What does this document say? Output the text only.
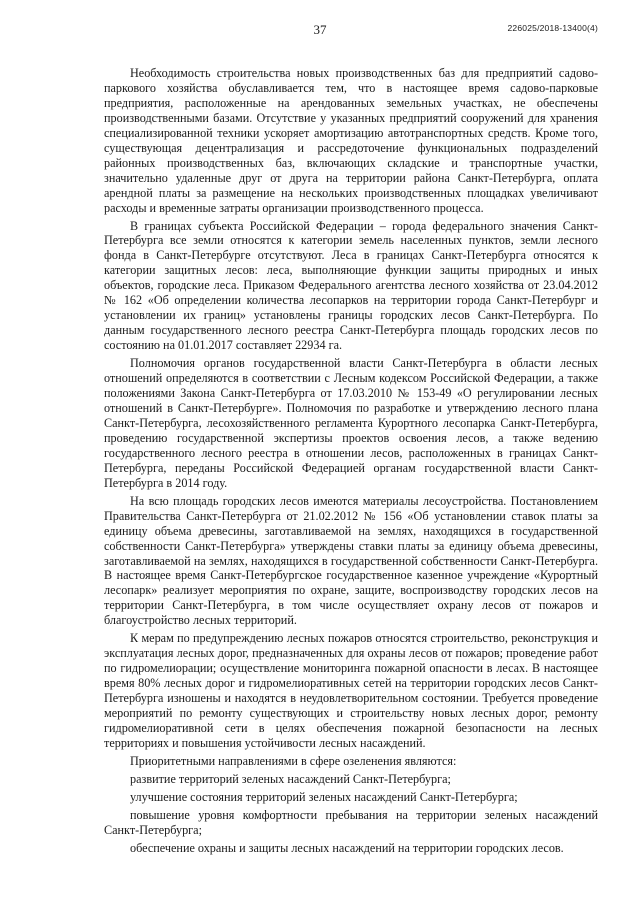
37	226025/2018-13400(4)

Необходимость строительства новых производственных баз для предприятий садово-паркового хозяйства обуславливается тем, что в настоящее время садово-парковые предприятия, расположенные на арендованных земельных участках, не обеспечены производственными базами. Отсутствие у указанных предприятий сооружений для хранения специализированной техники ускоряет амортизацию автотранспортных средств. Кроме того, существующая децентрализация и рассредоточение функциональных подразделений районных производственных баз, включающих складские и транспортные участки, значительно удаленные друг от друга на территории района Санкт-Петербурга, оплата арендной платы за размещение на нескольких производственных площадках увеличивают расходы и временные затраты организации производственного процесса.

В границах субъекта Российской Федерации – города федерального значения Санкт-Петербурга все земли относятся к категории земель населенных пунктов, земли лесного фонда в Санкт-Петербурге отсутствуют. Леса в границах Санкт-Петербурга относятся к категории защитных лесов: леса, выполняющие функции защиты природных и иных объектов, городские леса. Приказом Федерального агентства лесного хозяйства от 23.04.2012 № 162 «Об определении количества лесопарков на территории города Санкт-Петербург и установлении их границ» установлены границы городских лесов Санкт-Петербурга. По данным государственного лесного реестра Санкт-Петербурга площадь городских лесов по состоянию на 01.01.2017 составляет 22934 га.

Полномочия органов государственной власти Санкт-Петербурга в области лесных отношений определяются в соответствии с Лесным кодексом Российской Федерации, а также положениями Закона Санкт-Петербурга от 17.03.2010 № 153-49 «О регулировании лесных отношений в Санкт-Петербурге». Полномочия по разработке и утверждению лесного плана Санкт-Петербурга, лесохозяйственного регламента Курортного лесопарка Санкт-Петербурга, проведению государственной экспертизы проектов освоения лесов, а также ведению государственного лесного реестра в отношении лесов, расположенных в границах Санкт-Петербурга, переданы Российской Федерацией органам государственной власти Санкт-Петербурга в 2014 году.

На всю площадь городских лесов имеются материалы лесоустройства. Постановлением Правительства Санкт-Петербурга от 21.02.2012 № 156 «Об установлении ставок платы за единицу объема древесины, заготавливаемой на землях, находящихся в государственной собственности Санкт-Петербурга» утверждены ставки платы за единицу объема древесины, заготавливаемой на землях, находящихся в государственной собственности Санкт-Петербурга. В настоящее время Санкт-Петербургское государственное казенное учреждение «Курортный лесопарк» реализует мероприятия по охране, защите, воспроизводству городских лесов на территории Санкт-Петербурга, в том числе осуществляет охрану лесов от пожаров и благоустройство лесных территорий.

К мерам по предупреждению лесных пожаров относятся строительство, реконструкция и эксплуатация лесных дорог, предназначенных для охраны лесов от пожаров; проведение работ по гидромелиорации; осуществление мониторинга пожарной опасности в лесах. В настоящее время 80% лесных дорог и гидромелиоративных сетей на территории городских лесов Санкт-Петербурга изношены и находятся в неудовлетворительном состоянии. Требуется проведение мероприятий по ремонту существующих и строительству новых лесных дорог, ремонту гидромелиоративной сети в целях обеспечения пожарной безопасности на лесных территориях и повышения устойчивости лесных насаждений.

Приоритетными направлениями в сфере озеленения являются:

развитие территорий зеленых насаждений Санкт-Петербурга;

улучшение состояния территорий зеленых насаждений Санкт-Петербурга;

повышение уровня комфортности пребывания на территории зеленых насаждений Санкт-Петербурга;

обеспечение охраны и защиты лесных насаждений на территории городских лесов.
